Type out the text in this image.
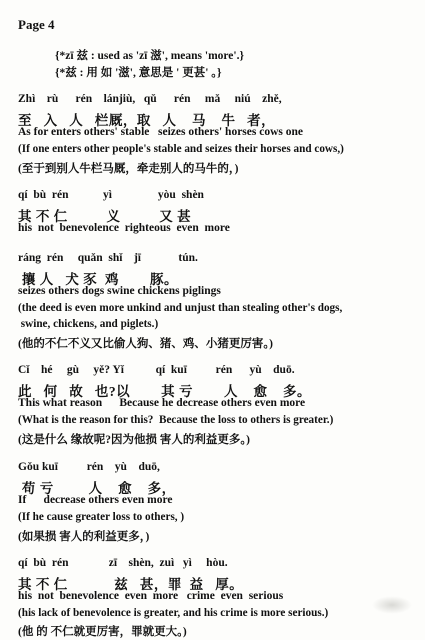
Page 4
{*zī 兹 : used as 'zī 滋', means 'more'.}
{*兹 : 用 如 '滋', 意思是 ' 更甚' 。}
Zhì    rù      rén    lánjiù,   qǔ      rén     mǎ     niú    zhě,
至   入   人   栏厩，取   人    马    牛   者，
As for enters others' stable   seizes others' horses cows one
(If one enters other people's stable and seizes their horses and cows,)
(至于到别人牛栏马厩，牵走别人的马牛的，)
qí  bù  rén            yì                yòu  shèn
其 不 仁          义          又 甚
his  not  benevolence  righteous  even  more
ráng  rén     quǎn  shǐ    jī             tún.
攘 人   犬 豕  鸡        豚。
seizes others dogs swine chickens piglings
(the deed is even more unkind and unjust than stealing other's dogs,
swine, chickens, and piglets.)
(他的不仁不义又比偷人狗、猪、鸡、小猪更厉害。)
Cǐ    hé     gù     yě? Yǐ           qí  kuī          rén      yù    duō.
此   何   故   也?以        其 亏        人    愈    多。
This what reason      Because he decrease others even more
(What is the reason for this?  Because the loss to others is greater.)
(这是什么 缘故呢?因为他损 害人的利益更多。)
Gǒu kuī          rén    yù    duō,
苟 亏         人    愈    多，
If      decrease others even more
(If he cause greater loss to others, )
(如果损 害人的利益更多，)
qí  bù  rén              zī    shèn,  zuì   yì     hòu.
其 不 仁            兹   甚，罪  益   厚。
his  not  benevolence  even  more   crime  even  serious
(his lack of benevolence is greater, and his crime is more serious.)
(他 的 不仁就更厉害，罪就更大。)
